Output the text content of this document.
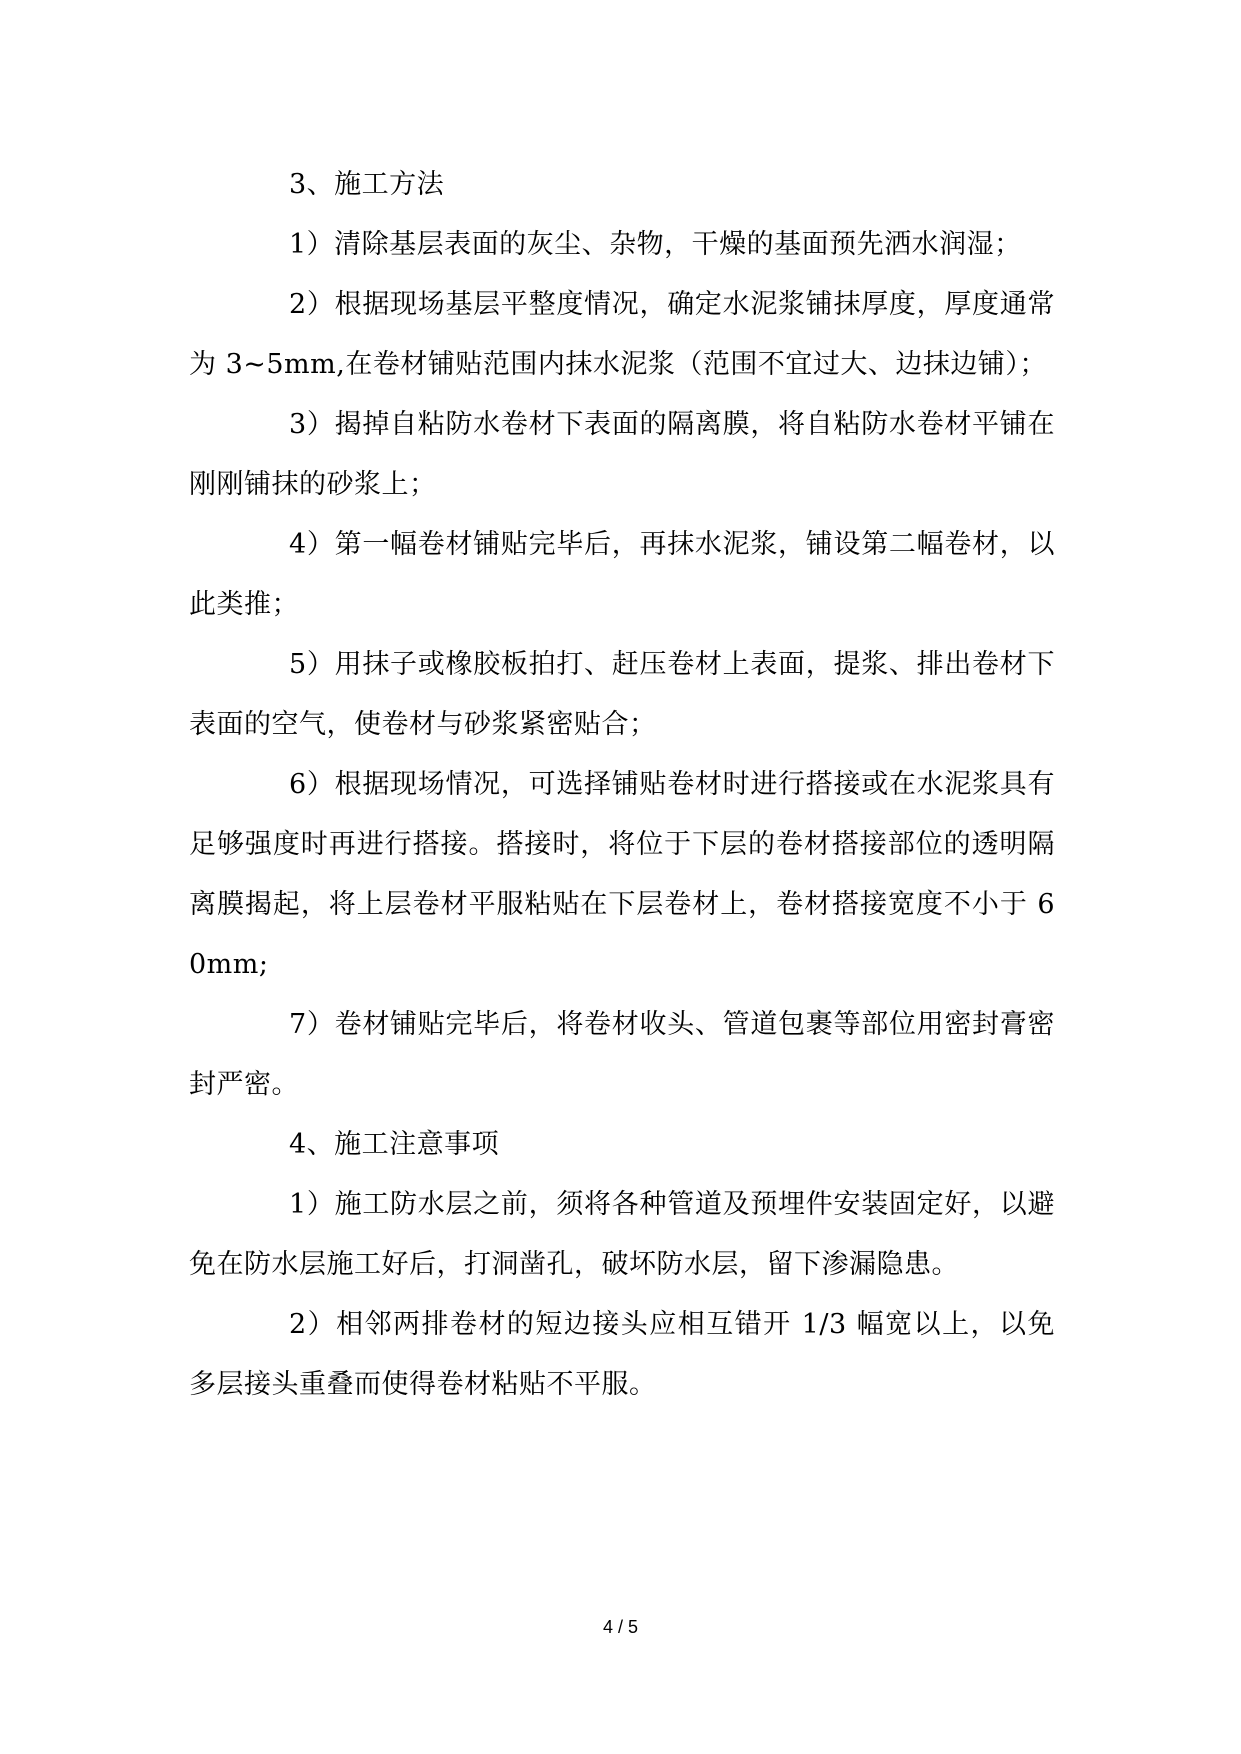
3、施工方法

1）清除基层表面的灰尘、杂物，干燥的基面预先洒水润湿；

2）根据现场基层平整度情况，确定水泥浆铺抹厚度，厚度通常为 3~5mm,在卷材铺贴范围内抹水泥浆（范围不宜过大、边抹边铺）；

3）揭掉自粘防水卷材下表面的隔离膜，将自粘防水卷材平铺在刚刚铺抹的砂浆上；

4）第一幅卷材铺贴完毕后，再抹水泥浆，铺设第二幅卷材，以此类推；

5）用抹子或橡胶板拍打、赶压卷材上表面，提浆、排出卷材下表面的空气，使卷材与砂浆紧密贴合；

6）根据现场情况，可选择铺贴卷材时进行搭接或在水泥浆具有足够强度时再进行搭接。搭接时，将位于下层的卷材搭接部位的透明隔离膜揭起，将上层卷材平服粘贴在下层卷材上，卷材搭接宽度不小于 60mm;

7）卷材铺贴完毕后，将卷材收头、管道包裹等部位用密封膏密封严密。

4、施工注意事项

1）施工防水层之前，须将各种管道及预埋件安装固定好，以避免在防水层施工好后，打洞凿孔，破坏防水层，留下渗漏隐患。

2）相邻两排卷材的短边接头应相互错开 1/3 幅宽以上，以免多层接头重叠而使得卷材粘贴不平服。

4 / 5
